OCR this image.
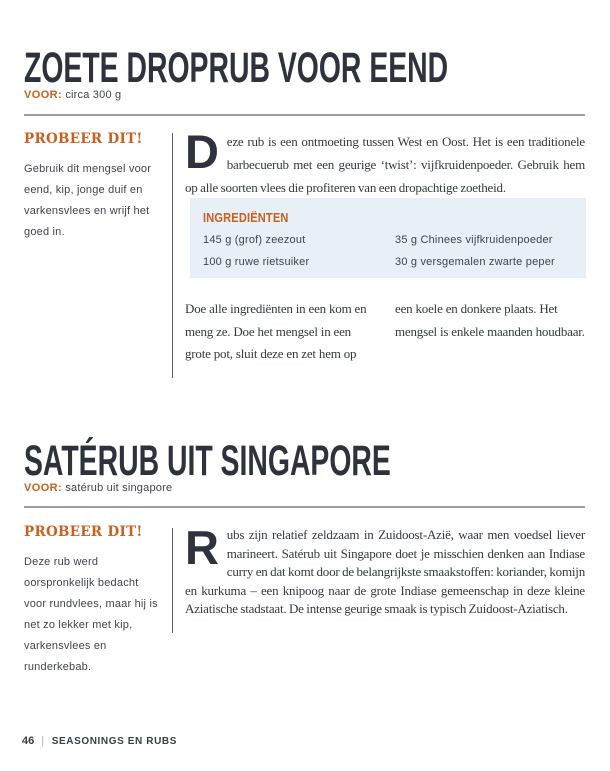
ZOETE DROPRUB VOOR EEND

VOOR: circa 300 g

PROBEER DIT!

Gebruik dit mengsel voor eend, kip, jonge duif en varkensvlees en wrijf het goed in.

Deze rub is een ontmoeting tussen West en Oost. Het is een traditionele barbecuerub met een geurige ‘twist’: vijfkruidenpoeder. Gebruik hem op alle soorten vlees die profiteren van een dropachtige zoetheid.
INGREDIËNTEN

145 g (grof) zeezout

100 g ruwe rietsuiker

35 g Chinees vijfkruidenpoeder

30 g versgemalen zwarte peper

Doe alle ingrediënten in een kom en meng ze. Doe het mengsel in een grote pot, sluit deze en zet hem op

een koele en donkere plaats. Het mengsel is enkele maanden houdbaar.

SATÉRUB UIT SINGAPORE

VOOR: satérub uit singapore

PROBEER DIT!

Deze rub werd oorspronkelijk bedacht voor rundvlees, maar hij is net zo lekker met kip, varkensvlees en runderkebab.

Rubs zijn relatief zeldzaam in Zuidoost-Azië, waar men voedsel liever marineert. Satérub uit Singapore doet je misschien denken aan Indiase curry en dat komt door de belangrijkste smaakstoffen: koriander, komijn en kurkuma – een knipoog naar de grote Indiase gemeenschap in deze kleine Aziatische stadstaat. De intense geurige smaak is typisch Zuidoost-Aziatisch.
46 | SEASONINGS EN RUBS
